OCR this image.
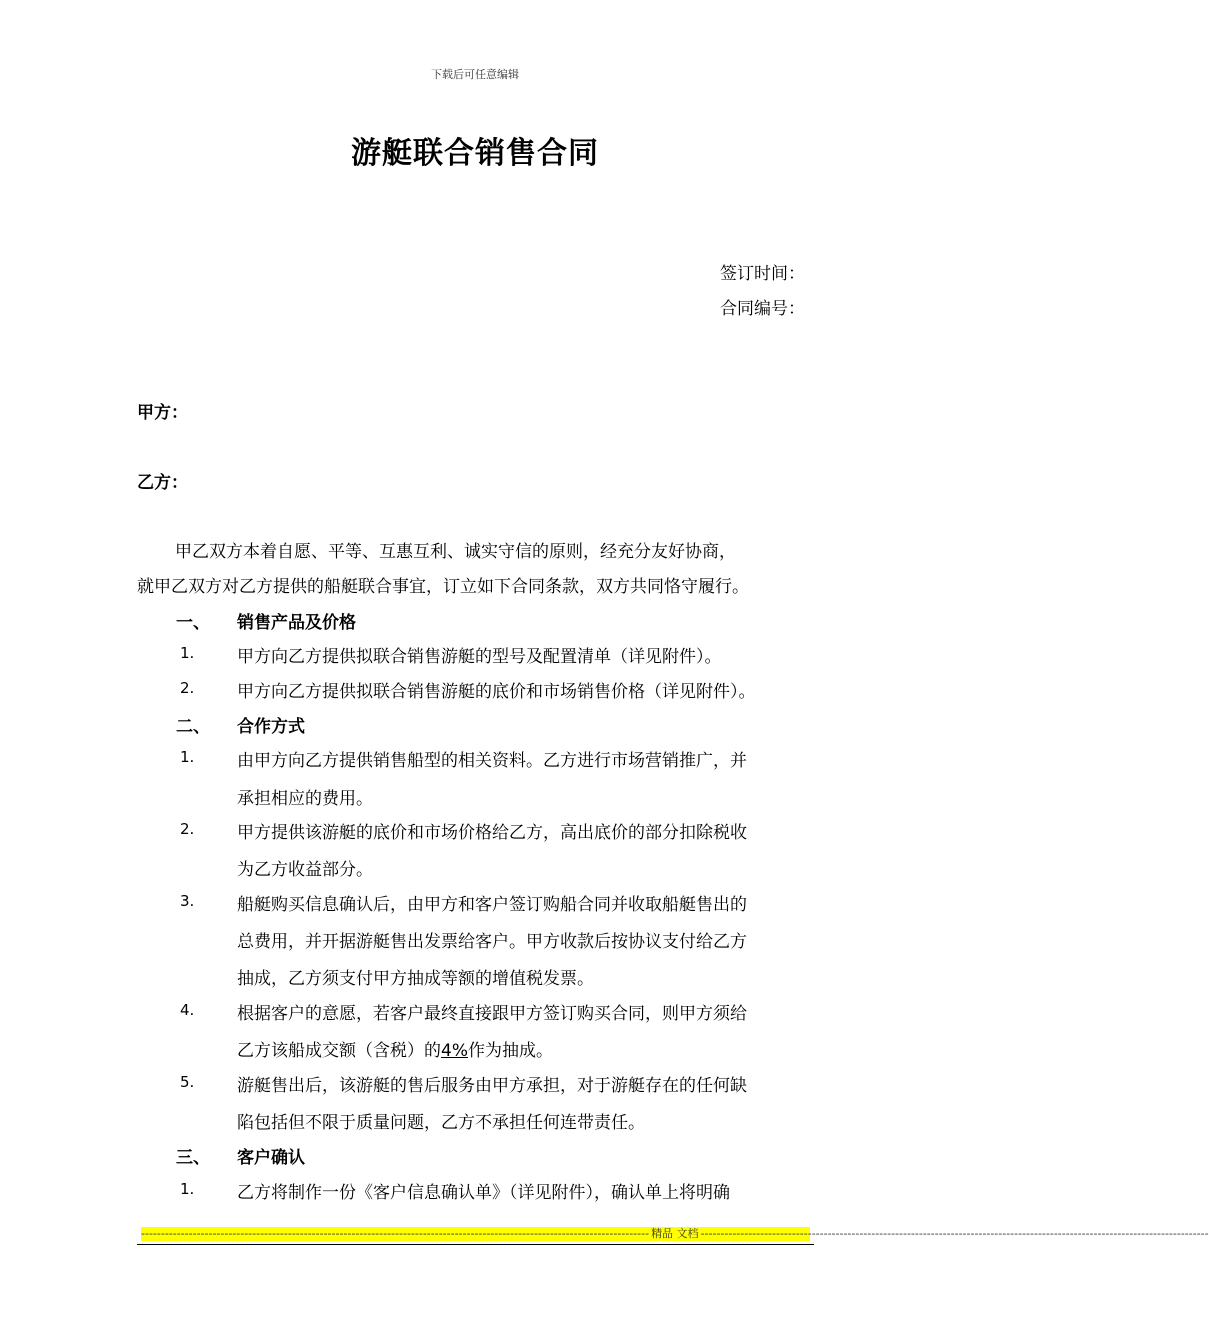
下载后可任意编辑
游艇联合销售合同
签订时间：
合同编号：
甲方：
乙方：
甲乙双方本着自愿、平等、互惠互利、诚实守信的原则，经充分友好协商，
就甲乙双方对乙方提供的船艇联合事宜，订立如下合同条款，双方共同恪守履行。
一、 销售产品及价格
1.	甲方向乙方提供拟联合销售游艇的型号及配置清单（详见附件）。
2.	甲方向乙方提供拟联合销售游艇的底价和市场销售价格（详见附件）。
二、 合作方式
1.	由甲方向乙方提供销售船型的相关资料。乙方进行市场营销推广，并
承担相应的费用。
2.	甲方提供该游艇的底价和市场价格给乙方，高出底价的部分扣除税收
为乙方收益部分。
3.	船艇购买信息确认后，由甲方和客户签订购船合同并收取船艇售出的
总费用，并开据游艇售出发票给客户。甲方收款后按协议支付给乙方
抽成，乙方须支付甲方抽成等额的增值税发票。
4.	根据客户的意愿，若客户最终直接跟甲方签订购买合同，则甲方须给
乙方该船成交额（含税）的4%作为抽成。
5.	游艇售出后，该游艇的售后服务由甲方承担，对于游艇存在的任何缺
陷包括但不限于质量问题，乙方不承担任何连带责任。
三、 客户确认
1.	乙方将制作一份《客户信息确认单》（详见附件），确认单上将明确
-------------------------------------------------------------------------------------------------------------------------------- 精品 文档 --------------------------------------------------------------------------------------------------------------------------------
